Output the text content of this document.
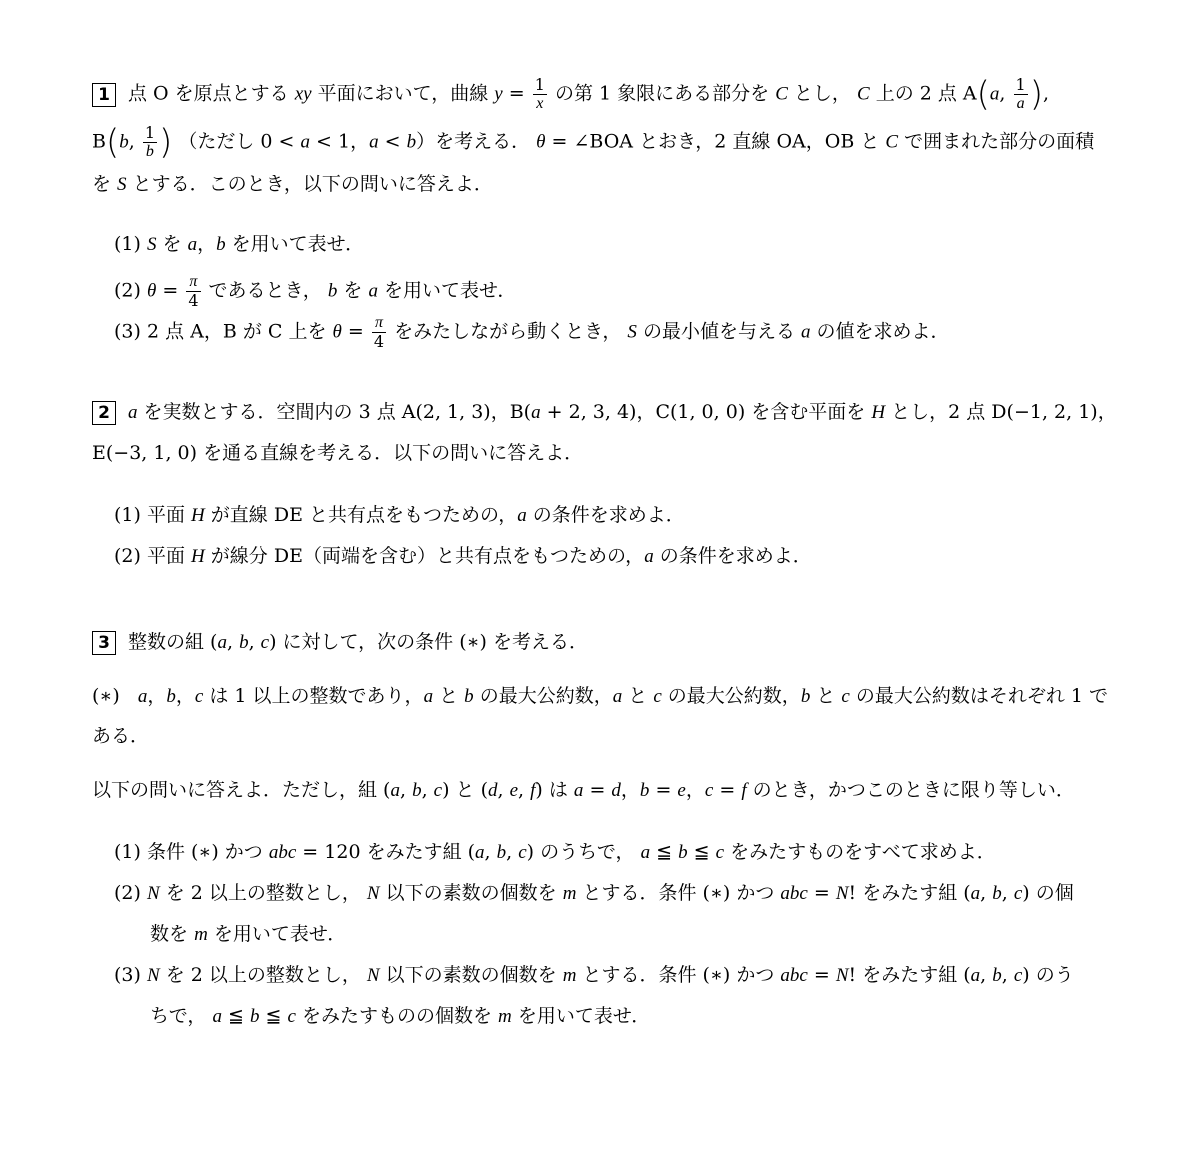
1 点 O を原点とする xy 平面において，曲線 $y = \frac{1}{x}$ の第 1 象限にある部分を C とし， C 上の 2 点 A(a, $\frac{1}{a}$ ),
B(b, $\frac{1}{b}$ ) （ただし 0 < a < 1，a < b）を考える． θ = ∠BOA とおき，2 直線 OA，OB と C で囲まれた部分の面積
を S とする．このとき，以下の問いに答えよ．
(1) S を a，b を用いて表せ．
(2) $\theta = \frac{\pi}{4}$ であるとき， b を a を用いて表せ．
(3) 2 点 A，B が C 上を $\theta = \frac{\pi}{4}$ をみたしながら動くとき， S の最小値を与える a の値を求めよ．
2 a を実数とする．空間内の 3 点 A(2, 1, 3)，B(a + 2, 3, 4)，C(1, 0, 0) を含む平面を H とし，2 点 D(−1, 2, 1)，
E(−3, 1, 0) を通る直線を考える．以下の問いに答えよ．
(1) 平面 H が直線 DE と共有点をもつための，a の条件を求めよ．
(2) 平面 H が線分 DE（両端を含む）と共有点をもつための，a の条件を求めよ．
3 整数の組 (a, b, c) に対して，次の条件 (∗) を考える．
(∗) a，b，c は 1 以上の整数であり，a と b の最大公約数，a と c の最大公約数，b と c の最大公約数はそれぞれ 1 で
ある．
以下の問いに答えよ．ただし，組 (a, b, c) と (d, e, f) は a = d，b = e，c = f のとき，かつこのときに限り等しい．
(1) 条件 (∗) かつ abc = 120 をみたす組 (a, b, c) のうちで， a ≦ b ≦ c をみたすものをすべて求めよ．
(2) N を 2 以上の整数とし， N 以下の素数の個数を m とする．条件 (∗) かつ abc = N! をみたす組 (a, b, c) の個
数を m を用いて表せ．
(3) N を 2 以上の整数とし， N 以下の素数の個数を m とする．条件 (∗) かつ abc = N! をみたす組 (a, b, c) のう
ちで， a ≦ b ≦ c をみたすものの個数を m を用いて表せ．
